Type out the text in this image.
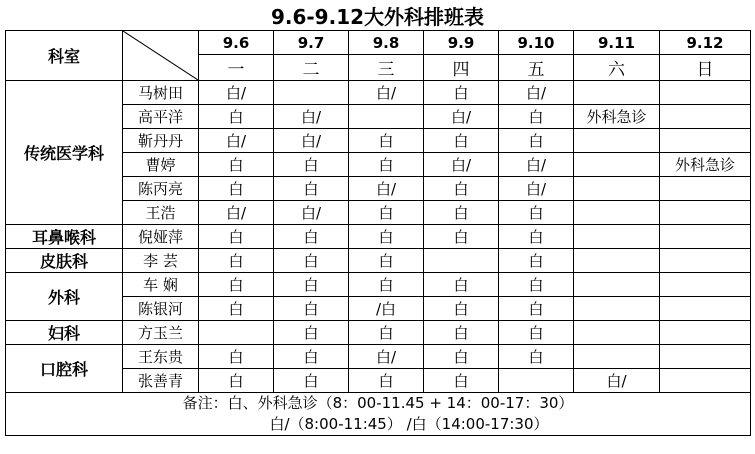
9.6-9.12大外科排班表
科室		9.6	9.7	9.8	9.9	9.10	9.11	9.12
		一	二	三	四	五	六	日
传统医学科	马树田	白/		白/	白	白/		
	高平洋	白	白/		白/	白	外科急诊	
	靳丹丹	白/	白/	白	白	白		
	曹婷	白	白	白	白/	白/		外科急诊
	陈丙亮	白	白	白/	白	白/		
	王浩	白/	白/	白	白	白		
耳鼻喉科	倪娅萍	白	白	白	白	白		
皮肤科	李 芸	白	白	白		白		
外科	车 娴	白	白	白	白	白		
	陈银河	白	白	/白	白	白		
妇科	方玉兰		白	白	白	白		
口腔科	王东贵	白	白	白/	白	白		
	张善青	白	白	白	白		白/	

备注：白、外科急诊（8：00-11.45 + 14：00-17：30）
白/（8:00-11:45） /白（14:00-17:30）								
